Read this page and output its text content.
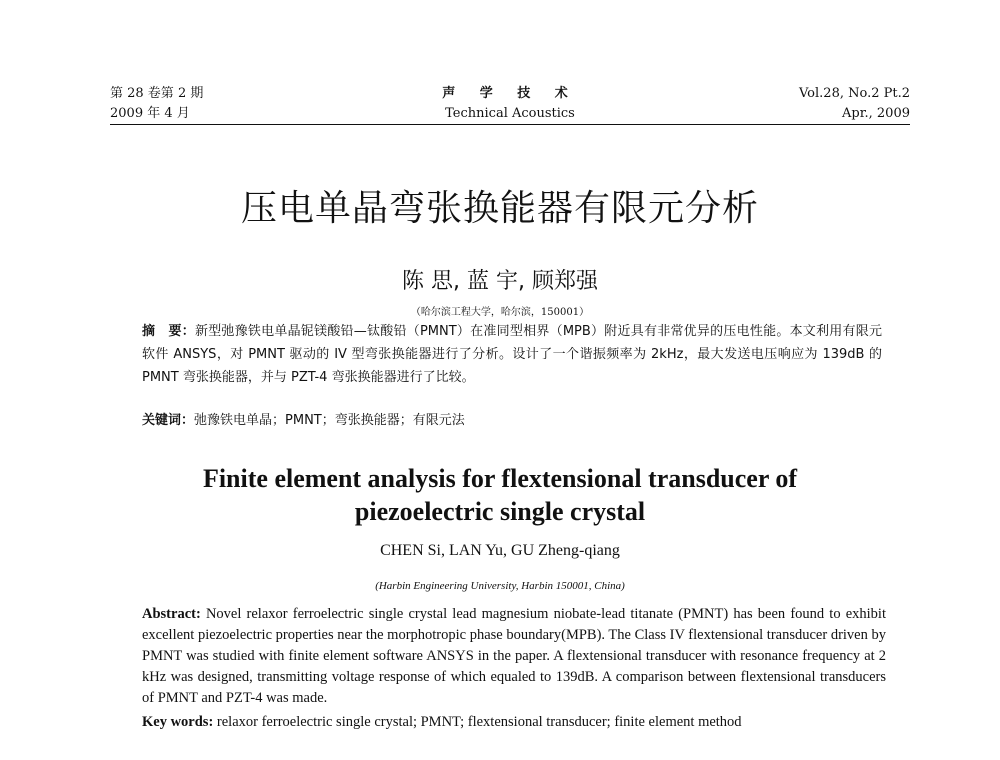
第 28 卷第 2 期
2009 年 4 月
声 学 技 术
Technical Acoustics
Vol.28, No.2 Pt.2
Apr., 2009
压电单晶弯张换能器有限元分析
陈 思, 蓝 宇, 顾郑强
（哈尔滨工程大学，哈尔滨，150001）
摘　要：新型弛豫铁电单晶铌镁酸铅—钛酸铅（PMNT）在准同型相界（MPB）附近具有非常优异的压电性能。本文利用有限元软件 ANSYS，对 PMNT 驱动的 IV 型弯张换能器进行了分析。设计了一个谐振频率为 2kHz，最大发送电压响应为 139dB 的 PMNT 弯张换能器，并与 PZT-4 弯张换能器进行了比较。
关键词：弛豫铁电单晶；PMNT；弯张换能器；有限元法
Finite element analysis for flextensional transducer of piezoelectric single crystal
CHEN Si, LAN Yu, GU Zheng-qiang
(Harbin Engineering University, Harbin 150001, China)
Abstract: Novel relaxor ferroelectric single crystal lead magnesium niobate-lead titanate (PMNT) has been found to exhibit excellent piezoelectric properties near the morphotropic phase boundary(MPB). The Class IV flextensional transducer driven by PMNT was studied with finite element software ANSYS in the paper. A flextensional transducer with resonance frequency at 2 kHz was designed, transmitting voltage response of which equaled to 139dB. A comparison between flextensional transducers of PMNT and PZT-4 was made.
Key words: relaxor ferroelectric single crystal; PMNT; flextensional transducer; finite element method
